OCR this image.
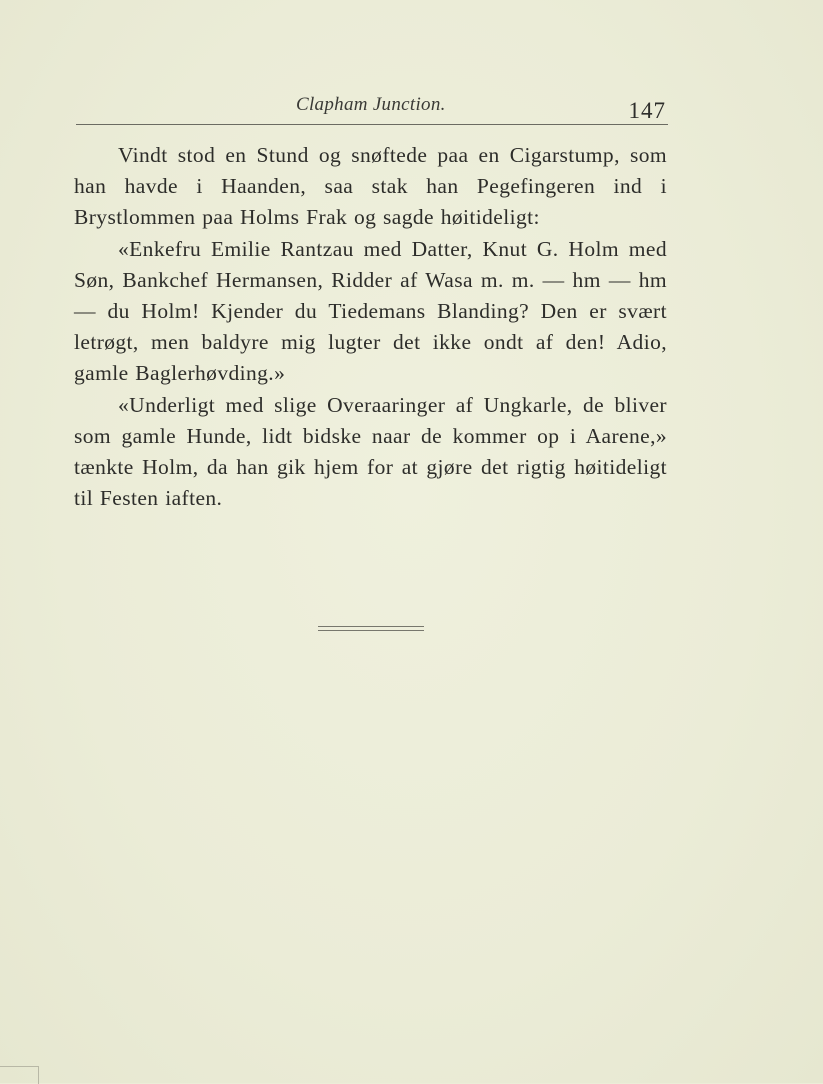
Clapham Junction.	147

Vindt stod en Stund og snøftede paa en Cigarstump, som han havde i Haanden, saa stak han Pegefingeren ind i Brystlommen paa Holms Frak og sagde høitideligt:

«Enkefru Emilie Rantzau med Datter, Knut G. Holm med Søn, Bankchef Hermansen, Ridder af Wasa m. m. — hm — hm — du Holm! Kjender du Tiedemans Blanding? Den er svært letrøgt, men baldyre mig lugter det ikke ondt af den! Adio, gamle Baglerhøvding.»

«Underligt med slige Overaaringer af Ungkarle, de bliver som gamle Hunde, lidt bidske naar de kommer op i Aarene,» tænkte Holm, da han gik hjem for at gjøre det rigtig høitideligt til Festen iaften.
